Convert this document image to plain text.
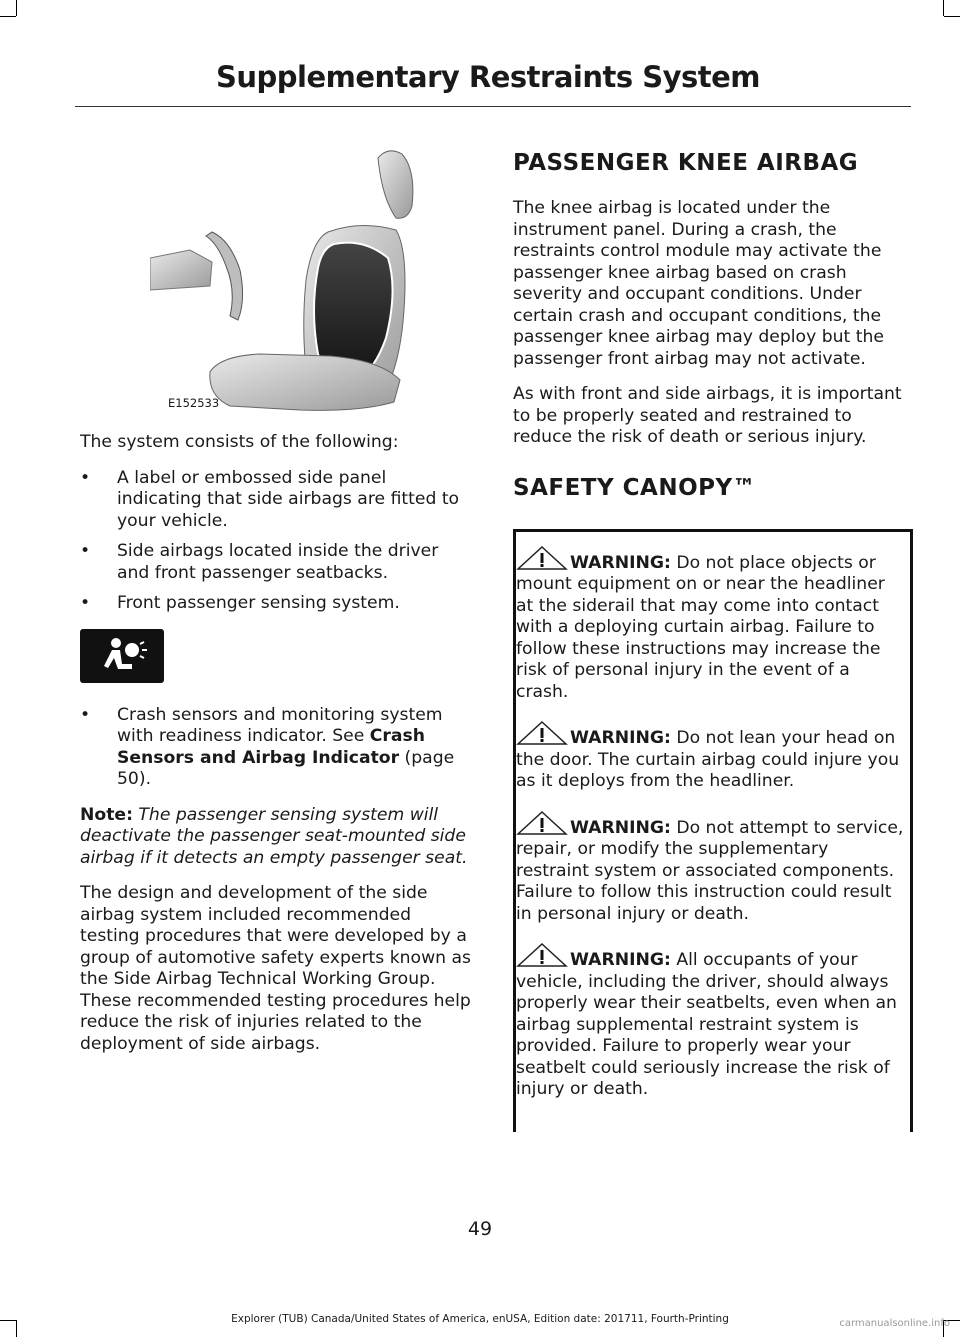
Supplementary Restraints System
E152533

The system consists of the following:

• A label or embossed side panel indicating that side airbags are fitted to your vehicle.
• Side airbags located inside the driver and front passenger seatbacks.
• Front passenger sensing system.
• Crash sensors and monitoring system with readiness indicator. See Crash Sensors and Airbag Indicator (page 50).

Note: The passenger sensing system will deactivate the passenger seat-mounted side airbag if it detects an empty passenger seat.

The design and development of the side airbag system included recommended testing procedures that were developed by a group of automotive safety experts known as the Side Airbag Technical Working Group. These recommended testing procedures help reduce the risk of injuries related to the deployment of side airbags.

PASSENGER KNEE AIRBAG

The knee airbag is located under the instrument panel. During a crash, the restraints control module may activate the passenger knee airbag based on crash severity and occupant conditions. Under certain crash and occupant conditions, the passenger knee airbag may deploy but the passenger front airbag may not activate.

As with front and side airbags, it is important to be properly seated and restrained to reduce the risk of death or serious injury.

SAFETY CANOPY™

WARNING: Do not place objects or mount equipment on or near the headliner at the siderail that may come into contact with a deploying curtain airbag. Failure to follow these instructions may increase the risk of personal injury in the event of a crash.

WARNING: Do not lean your head on the door. The curtain airbag could injure you as it deploys from the headliner.

WARNING: Do not attempt to service, repair, or modify the supplementary restraint system or associated components. Failure to follow this instruction could result in personal injury or death.

WARNING: All occupants of your vehicle, including the driver, should always properly wear their seatbelts, even when an airbag supplemental restraint system is provided. Failure to properly wear your seatbelt could seriously increase the risk of injury or death.

49
Explorer (TUB) Canada/United States of America, enUSA, Edition date: 201711, Fourth-Printing	carmanualsonline.info
